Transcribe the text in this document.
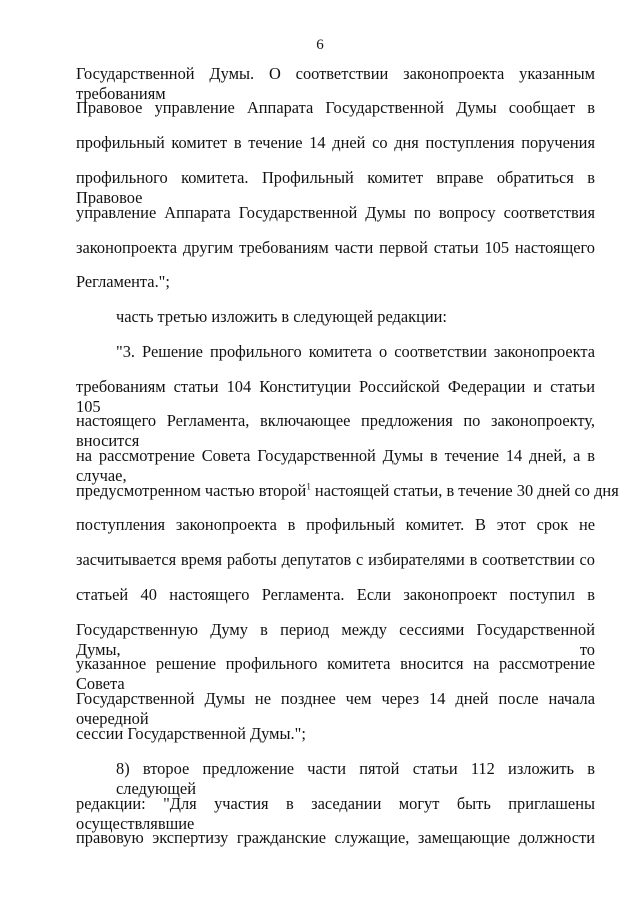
6
Государственной Думы. О соответствии законопроекта указанным требованиям
Правовое управление Аппарата Государственной Думы сообщает в
профильный комитет в течение 14 дней со дня поступления поручения
профильного комитета. Профильный комитет вправе обратиться в Правовое
управление Аппарата Государственной Думы по вопросу соответствия
законопроекта другим требованиям части первой статьи 105 настоящего
Регламента.";
часть третью изложить в следующей редакции:
"3. Решение профильного комитета о соответствии законопроекта
требованиям статьи 104 Конституции Российской Федерации и статьи 105
настоящего Регламента, включающее предложения по законопроекту, вносится
на рассмотрение Совета Государственной Думы в течение 14 дней, а в случае,
предусмотренном частью второй$^1$ настоящей статьи, в течение 30 дней со дня
поступления законопроекта в профильный комитет. В этот срок не
засчитывается время работы депутатов с избирателями в соответствии со
статьей 40 настоящего Регламента. Если законопроект поступил в
Государственную Думу в период между сессиями Государственной Думы, то
указанное решение профильного комитета вносится на рассмотрение Совета
Государственной Думы не позднее чем через 14 дней после начала очередной
сессии Государственной Думы.";
8) второе предложение части пятой статьи 112 изложить в следующей
редакции: "Для участия в заседании могут быть приглашены осуществлявшие
правовую экспертизу гражданские служащие, замещающие должности
